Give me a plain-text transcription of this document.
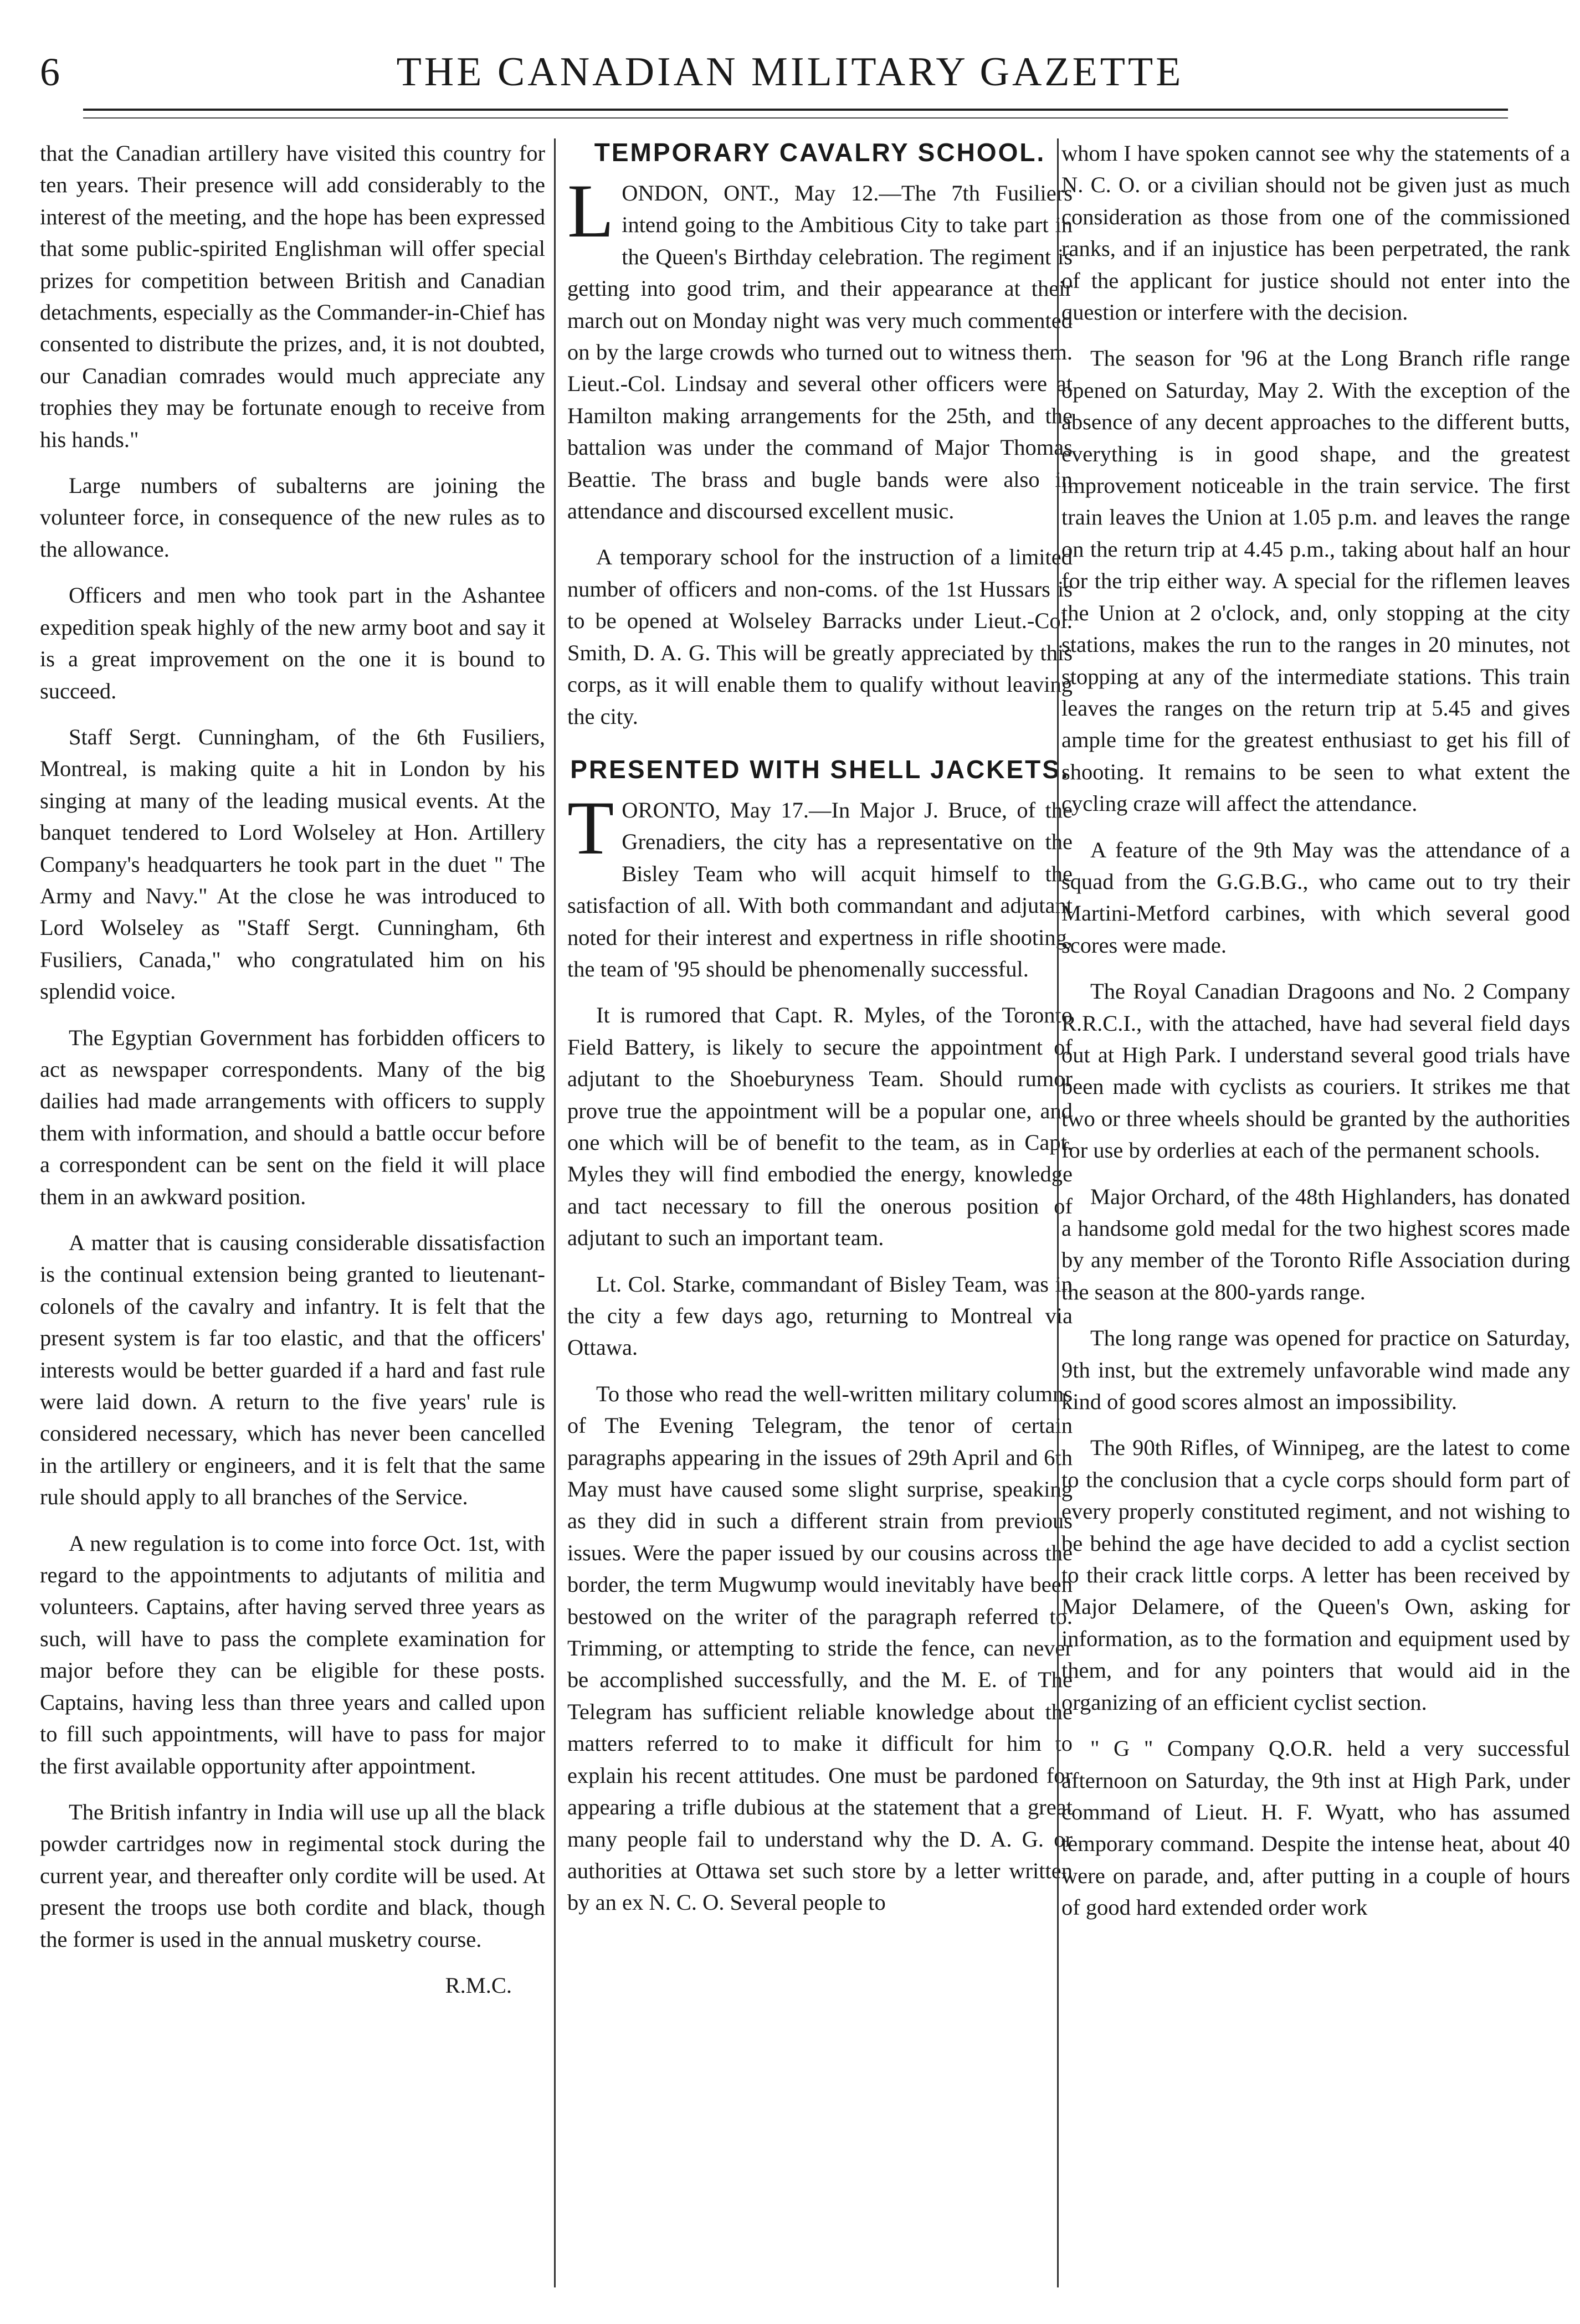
6	THE CANADIAN MILITARY GAZETTE

that the Canadian artillery have visited this country for ten years. Their presence will add considerably to the interest of the meeting, and the hope has been expressed that some public-spirited Englishman will offer special prizes for competition between British and Canadian detachments, especially as the Commander-in-Chief has consented to distribute the prizes, and, it is not doubted, our Canadian comrades would much appreciate any trophies they may be fortunate enough to receive from his hands."

Large numbers of subalterns are joining the volunteer force, in consequence of the new rules as to the allowance.

Officers and men who took part in the Ashantee expedition speak highly of the new army boot and say it is a great improvement on the one it is bound to succeed.

Staff Sergt. Cunningham, of the 6th Fusiliers, Montreal, is making quite a hit in London by his singing at many of the leading musical events. At the banquet tendered to Lord Wolseley at Hon. Artillery Company's headquarters he took part in the duet " The Army and Navy." At the close he was introduced to Lord Wolseley as "Staff Sergt. Cunningham, 6th Fusiliers, Canada," who congratulated him on his splendid voice.

The Egyptian Government has forbidden officers to act as newspaper correspondents. Many of the big dailies had made arrangements with officers to supply them with information, and should a battle occur before a correspondent can be sent on the field it will place them in an awkward position.

A matter that is causing considerable dissatisfaction is the continual extension being granted to lieutenant-colonels of the cavalry and infantry. It is felt that the present system is far too elastic, and that the officers' interests would be better guarded if a hard and fast rule were laid down. A return to the five years' rule is considered necessary, which has never been cancelled in the artillery or engineers, and it is felt that the same rule should apply to all branches of the Service.

A new regulation is to come into force Oct. 1st, with regard to the appointments to adjutants of militia and volunteers. Captains, after having served three years as such, will have to pass the complete examination for major before they can be eligible for these posts. Captains, having less than three years and called upon to fill such appointments, will have to pass for major the first available opportunity after appointment.

The British infantry in India will use up all the black powder cartridges now in regimental stock during the current year, and thereafter only cordite will be used. At present the troops use both cordite and black, though the former is used in the annual musketry course.

R.M.C.
TEMPORARY CAVALRY SCHOOL.

LONDON, ONT., May 12.—The 7th Fusiliers intend going to the Ambitious City to take part in the Queen's Birthday celebration. The regiment is getting into good trim, and their appearance at their march out on Monday night was very much commented on by the large crowds who turned out to witness them. Lieut.-Col. Lindsay and several other officers were at Hamilton making arrangements for the 25th, and the battalion was under the command of Major Thomas Beattie. The brass and bugle bands were also in attendance and discoursed excellent music.

A temporary school for the instruction of a limited number of officers and non-coms. of the 1st Hussars is to be opened at Wolseley Barracks under Lieut.-Col. Smith, D. A. G. This will be greatly appreciated by this corps, as it will enable them to qualify without leaving the city.

PRESENTED WITH SHELL JACKETS.

TORONTO, May 17.—In Major J. Bruce, of the Grenadiers, the city has a representative on the Bisley Team who will acquit himself to the satisfaction of all. With both commandant and adjutant noted for their interest and expertness in rifle shooting, the team of '95 should be phenomenally successful.

It is rumored that Capt. R. Myles, of the Toronto Field Battery, is likely to secure the appointment of adjutant to the Shoeburyness Team. Should rumor prove true the appointment will be a popular one, and one which will be of benefit to the team, as in Capt. Myles they will find embodied the energy, knowledge and tact necessary to fill the onerous position of adjutant to such an important team.

Lt. Col. Starke, commandant of Bisley Team, was in the city a few days ago, returning to Montreal via Ottawa.

To those who read the well-written military columns of The Evening Telegram, the tenor of certain paragraphs appearing in the issues of 29th April and 6th May must have caused some slight surprise, speaking as they did in such a different strain from previous issues. Were the paper issued by our cousins across the border, the term Mugwump would inevitably have been bestowed on the writer of the paragraph referred to. Trimming, or attempting to stride the fence, can never be accomplished successfully, and the M. E. of The Telegram has sufficient reliable knowledge about the matters referred to to make it difficult for him to explain his recent attitudes. One must be pardoned for appearing a trifle dubious at the statement that a great many people fail to understand why the D. A. G. or authorities at Ottawa set such store by a letter written by an ex N. C. O. Several people to

whom I have spoken cannot see why the statements of a N. C. O. or a civilian should not be given just as much consideration as those from one of the commissioned ranks, and if an injustice has been perpetrated, the rank of the applicant for justice should not enter into the question or interfere with the decision.

The season for '96 at the Long Branch rifle range opened on Saturday, May 2. With the exception of the absence of any decent approaches to the different butts, everything is in good shape, and the greatest improvement noticeable in the train service. The first train leaves the Union at 1.05 p.m. and leaves the range on the return trip at 4.45 p.m., taking about half an hour for the trip either way. A special for the riflemen leaves the Union at 2 o'clock, and, only stopping at the city stations, makes the run to the ranges in 20 minutes, not stopping at any of the intermediate stations. This train leaves the ranges on the return trip at 5.45 and gives ample time for the greatest enthusiast to get his fill of shooting. It remains to be seen to what extent the cycling craze will affect the attendance.

A feature of the 9th May was the attendance of a squad from the G.G.B.G., who came out to try their Martini-Metford carbines, with which several good scores were made.

The Royal Canadian Dragoons and No. 2 Company R.R.C.I., with the attached, have had several field days out at High Park. I understand several good trials have been made with cyclists as couriers. It strikes me that two or three wheels should be granted by the authorities for use by orderlies at each of the permanent schools.

Major Orchard, of the 48th Highlanders, has donated a handsome gold medal for the two highest scores made by any member of the Toronto Rifle Association during the season at the 800-yards range.

The long range was opened for practice on Saturday, 9th inst, but the extremely unfavorable wind made any kind of good scores almost an impossibility.

The 90th Rifles, of Winnipeg, are the latest to come to the conclusion that a cycle corps should form part of every properly constituted regiment, and not wishing to be behind the age have decided to add a cyclist section to their crack little corps. A letter has been received by Major Delamere, of the Queen's Own, asking for information, as to the formation and equipment used by them, and for any pointers that would aid in the organizing of an efficient cyclist section.

" G " Company Q.O.R. held a very successful afternoon on Saturday, the 9th inst at High Park, under command of Lieut. H. F. Wyatt, who has assumed temporary command. Despite the intense heat, about 40 were on parade, and, after putting in a couple of hours of good hard extended order work
